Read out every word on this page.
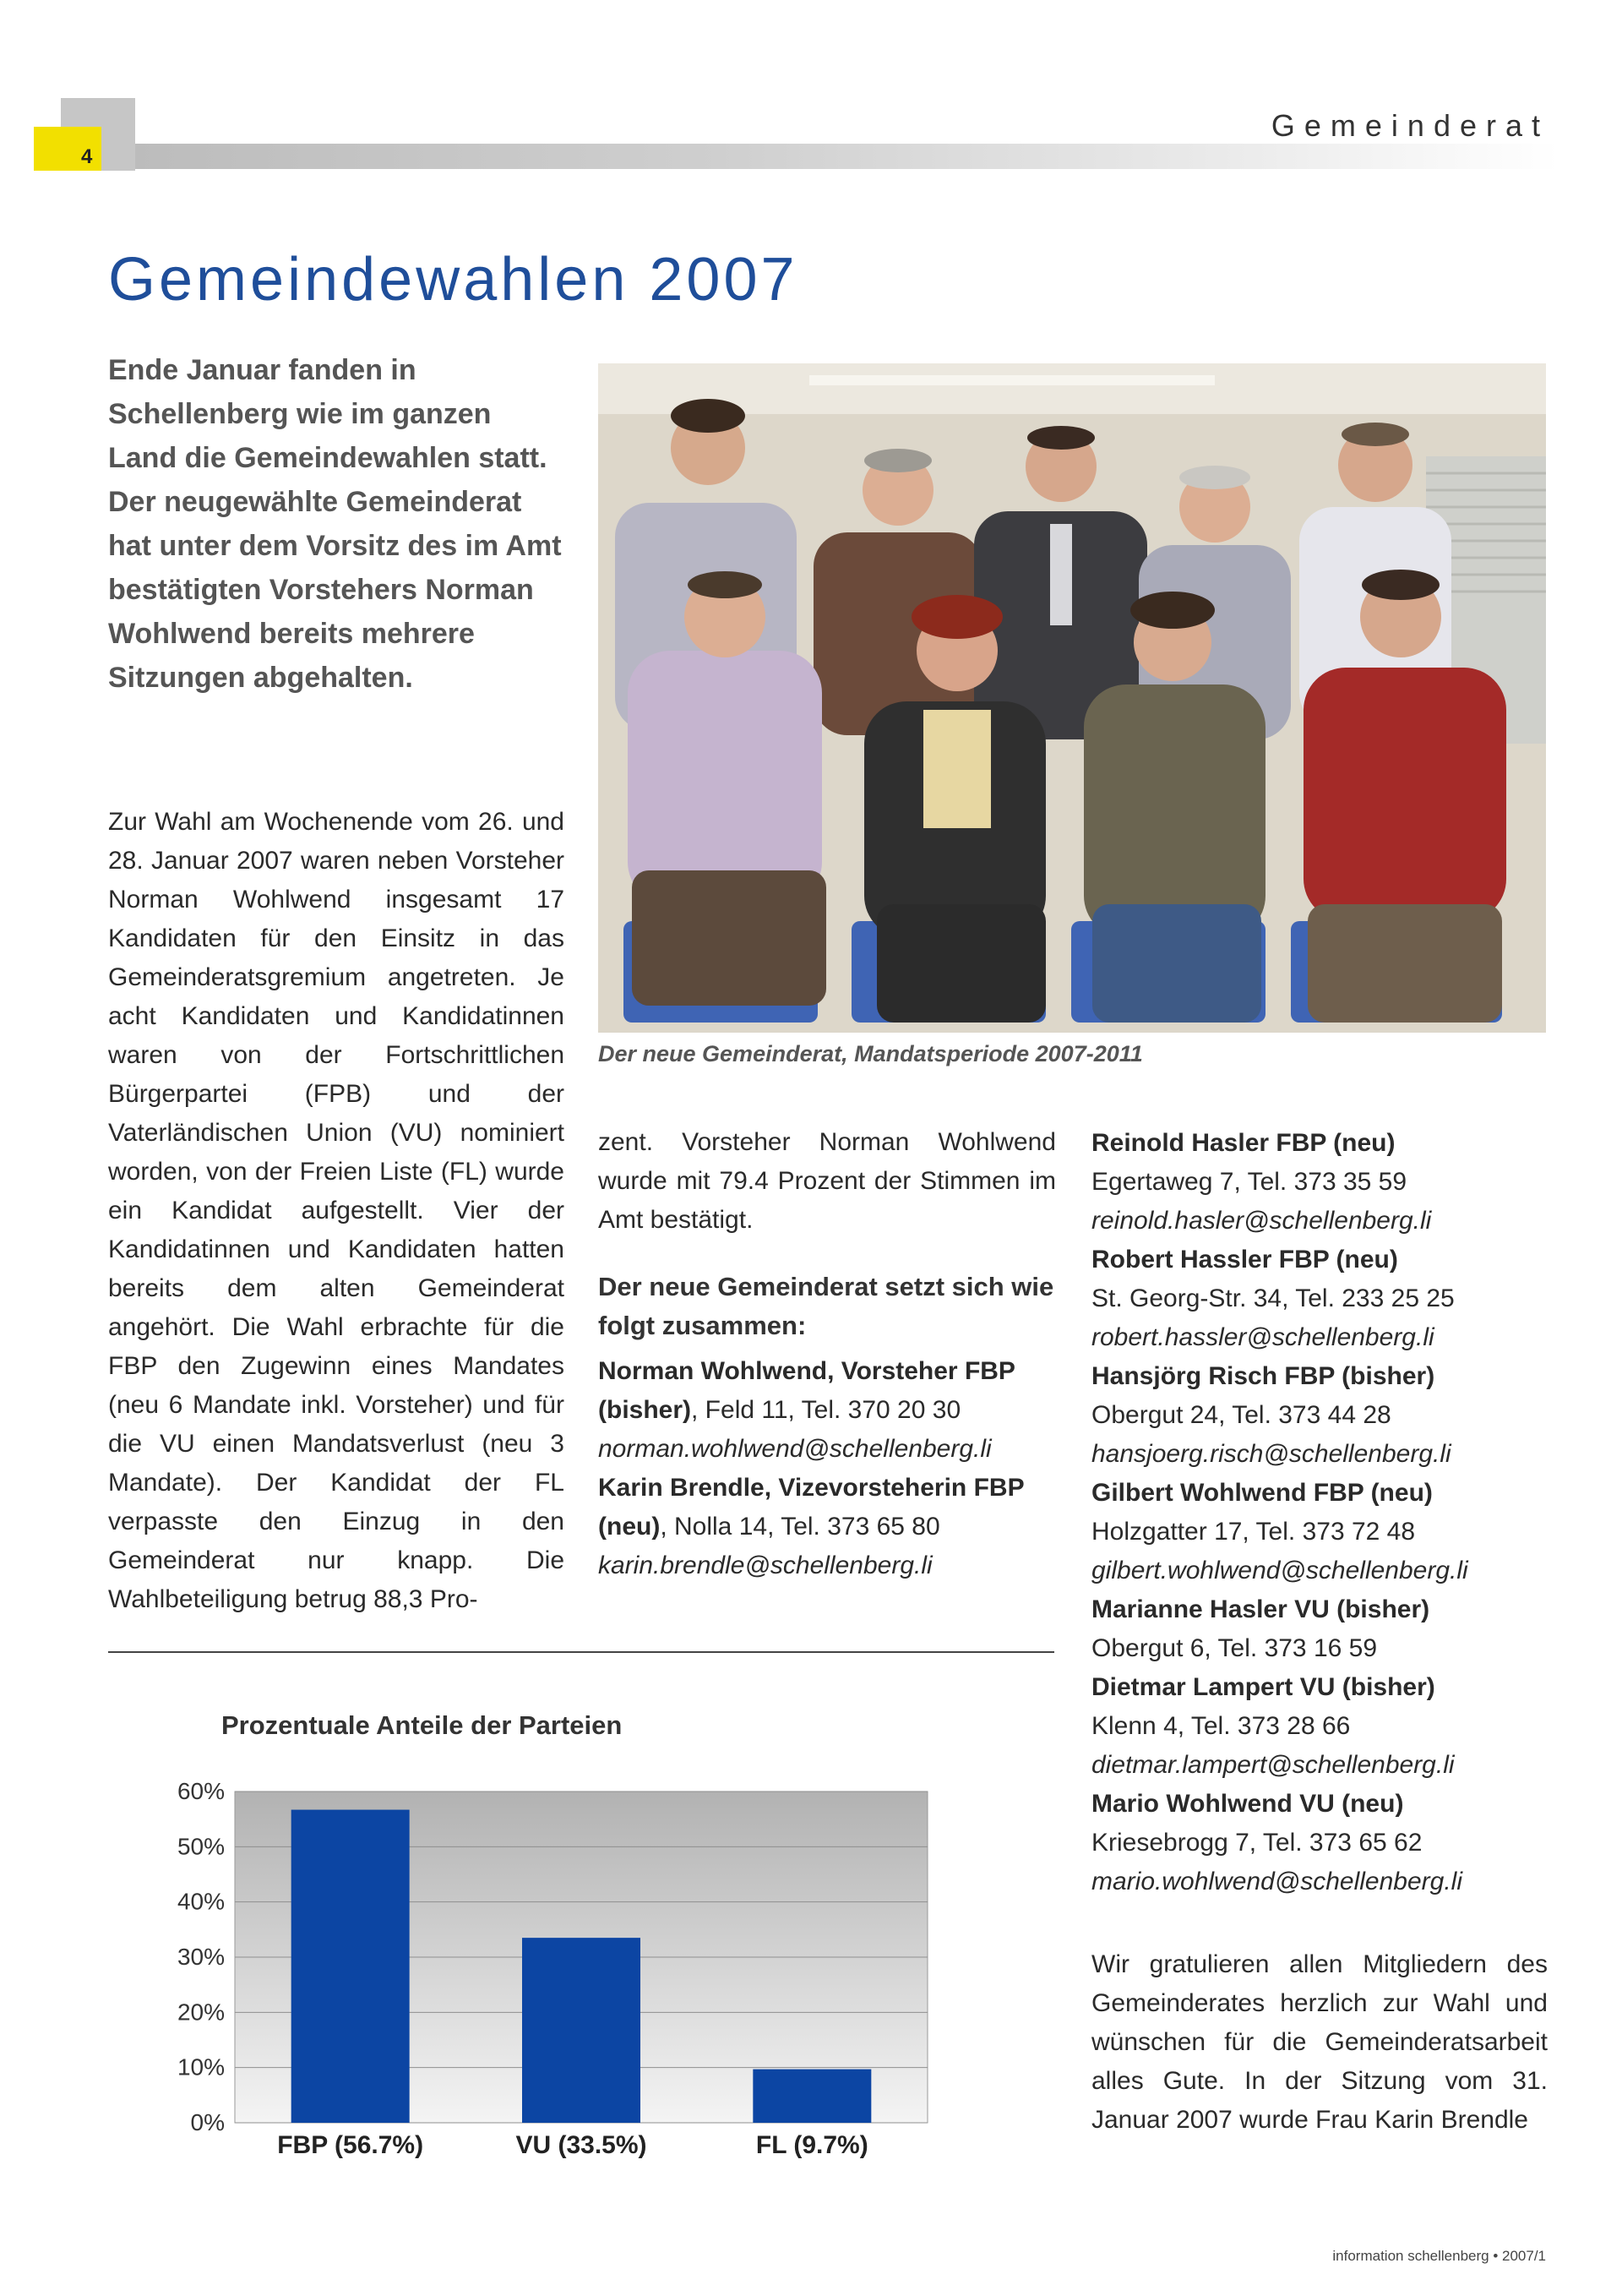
4
Gemeinderat
Gemeindewahlen 2007

Ende Januar fanden in Schellenberg wie im ganzen Land die Gemeindewahlen statt. Der neugewählte Gemeinderat hat unter dem Vorsitz des im Amt bestätigten Vorstehers Norman Wohlwend bereits mehrere Sitzungen abgehalten.

Zur Wahl am Wochenende vom 26. und 28. Januar 2007 waren neben Vorsteher Norman Wohlwend insgesamt 17 Kandidaten für den Einsitz in das Gemeinderatsgremium angetreten. Je acht Kandidaten und Kandidatinnen waren von der Fortschrittlichen Bürgerpartei (FPB) und der Vaterländischen Union (VU) nominiert worden, von der Freien Liste (FL) wurde ein Kandidat aufgestellt. Vier der Kandidatinnen und Kandidaten hatten bereits dem alten Gemeinderat angehört. Die Wahl erbrachte für die FBP den Zugewinn eines Mandates (neu 6 Mandate inkl. Vorsteher) und für die VU einen Mandatsverlust (neu 3 Mandate). Der Kandidat der FL verpasste den Einzug in den Gemeinderat nur knapp. Die Wahlbeteiligung betrug 88,3 Pro-

Der neue Gemeinderat, Mandatsperiode 2007-2011

zent. Vorsteher Norman Wohlwend wurde mit 79.4 Prozent der Stimmen im Amt bestätigt.

Der neue Gemeinderat setzt sich wie folgt zusammen:

Norman Wohlwend, Vorsteher FBP
(bisher), Feld 11, Tel. 370 20 30
norman.wohlwend@schellenberg.li
Karin Brendle, Vizevorsteherin FBP
(neu), Nolla 14, Tel. 373 65 80
karin.brendle@schellenberg.li

Reinold Hasler FBP (neu)
Egertaweg 7, Tel. 373 35 59
reinold.hasler@schellenberg.li
Robert Hassler FBP (neu)
St. Georg-Str. 34, Tel. 233 25 25
robert.hassler@schellenberg.li
Hansjörg Risch FBP (bisher)
Obergut 24, Tel. 373 44 28
hansjoerg.risch@schellenberg.li
Gilbert Wohlwend FBP (neu)
Holzgatter 17, Tel. 373 72 48
gilbert.wohlwend@schellenberg.li
Marianne Hasler VU (bisher)
Obergut 6, Tel. 373 16 59
Dietmar Lampert VU (bisher)
Klenn 4, Tel. 373 28 66
dietmar.lampert@schellenberg.li
Mario Wohlwend VU (neu)
Kriesebrogg 7, Tel. 373 65 62
mario.wohlwend@schellenberg.li

Wir gratulieren allen Mitgliedern des Gemeinderates herzlich zur Wahl und wünschen für die Gemeinderatsarbeit alles Gute. In der Sitzung vom 31. Januar 2007 wurde Frau Karin Brendle

Prozentuale Anteile der Parteien

0%
10%
20%
30%
40%
50%
60%
FBP (56.7%)	VU (33.5%)	FL (9.7%)
information schellenberg • 2007/1
